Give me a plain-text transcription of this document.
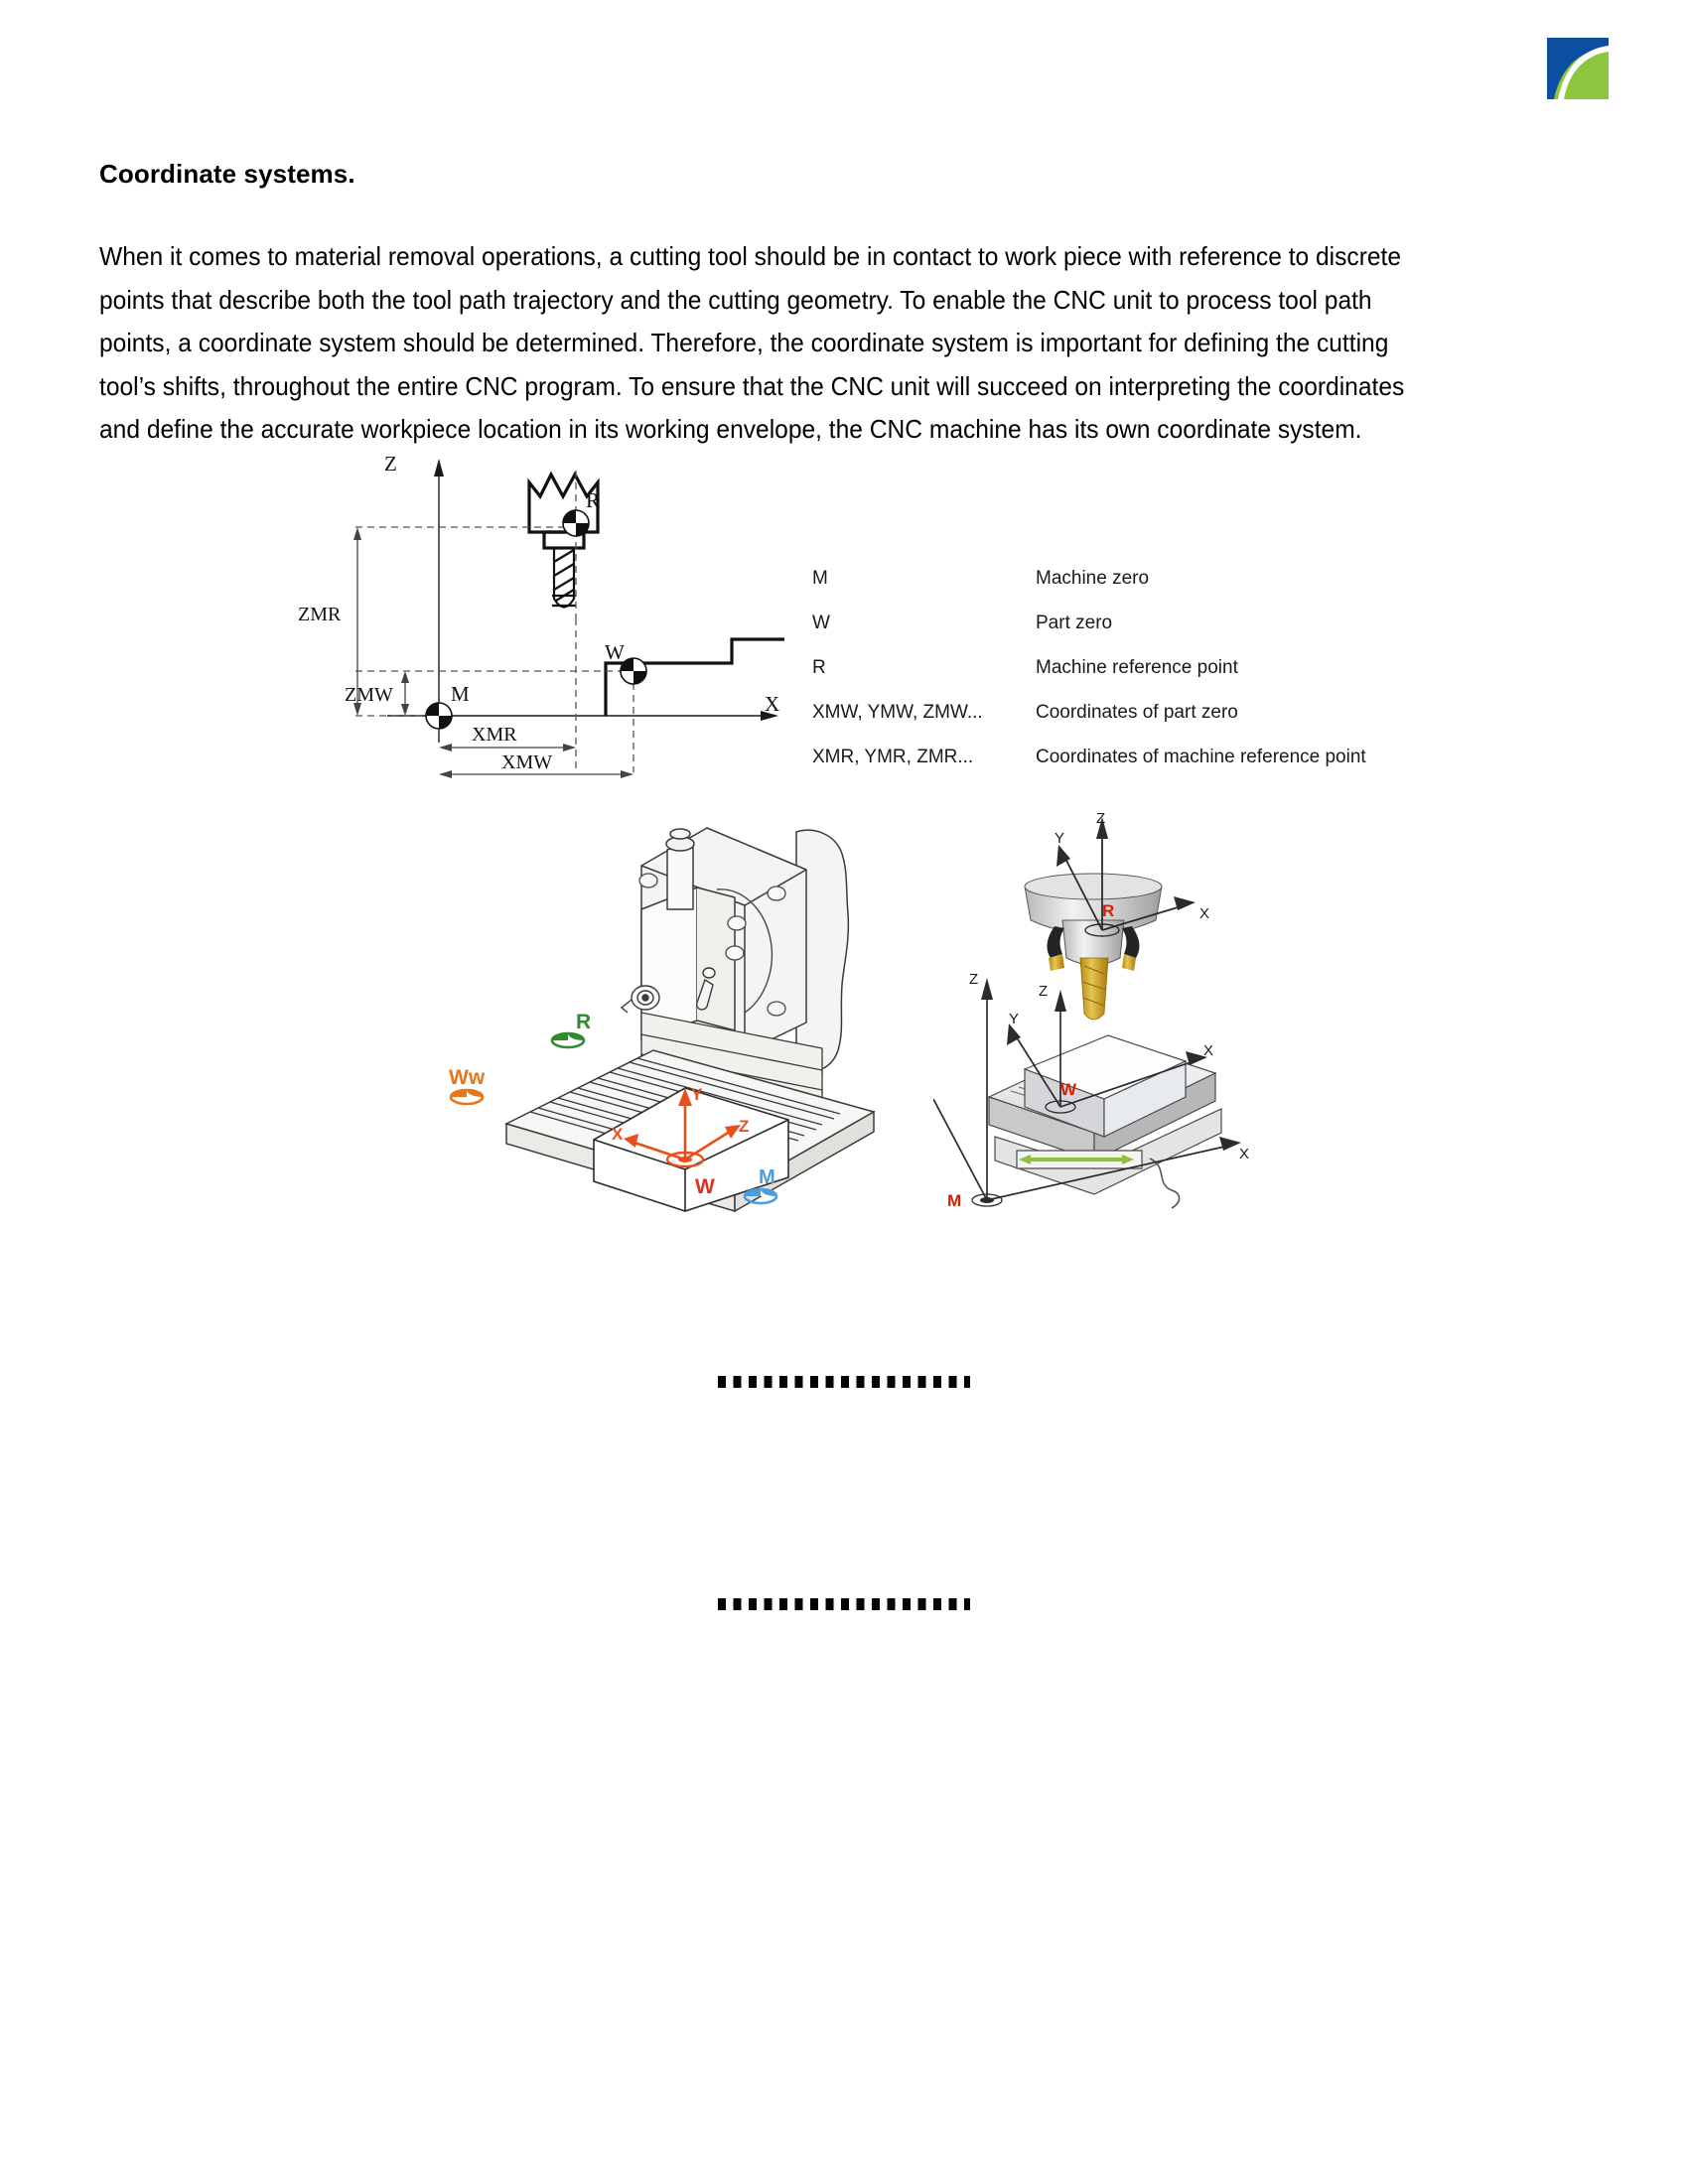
Coordinate systems.
When it comes to material removal operations, a cutting tool should be in contact to work piece with reference to discrete
points that describe both the tool path trajectory and the cutting geometry. To enable the CNC unit to process tool path
points, a coordinate system should be determined. Therefore, the coordinate system is important for defining the cutting
tool’s shifts, throughout the entire CNC program. To ensure that the CNC unit will succeed on interpreting the coordinates
and define the accurate workpiece location in its working envelope, the CNC machine has its own coordinate system.
R
W
M
Z
X
ZMR
ZMW
XMR
XMW
M	Machine zero
W	Part zero
R	Machine reference point
XMW, YMW, ZMW...	Coordinates of part zero
XMR, YMR, ZMR...	Coordinates of machine reference point
Y
X	Z
W
R
Ww
M
Z
Y
X
R
Z
Y
X
W
Z
X
M
